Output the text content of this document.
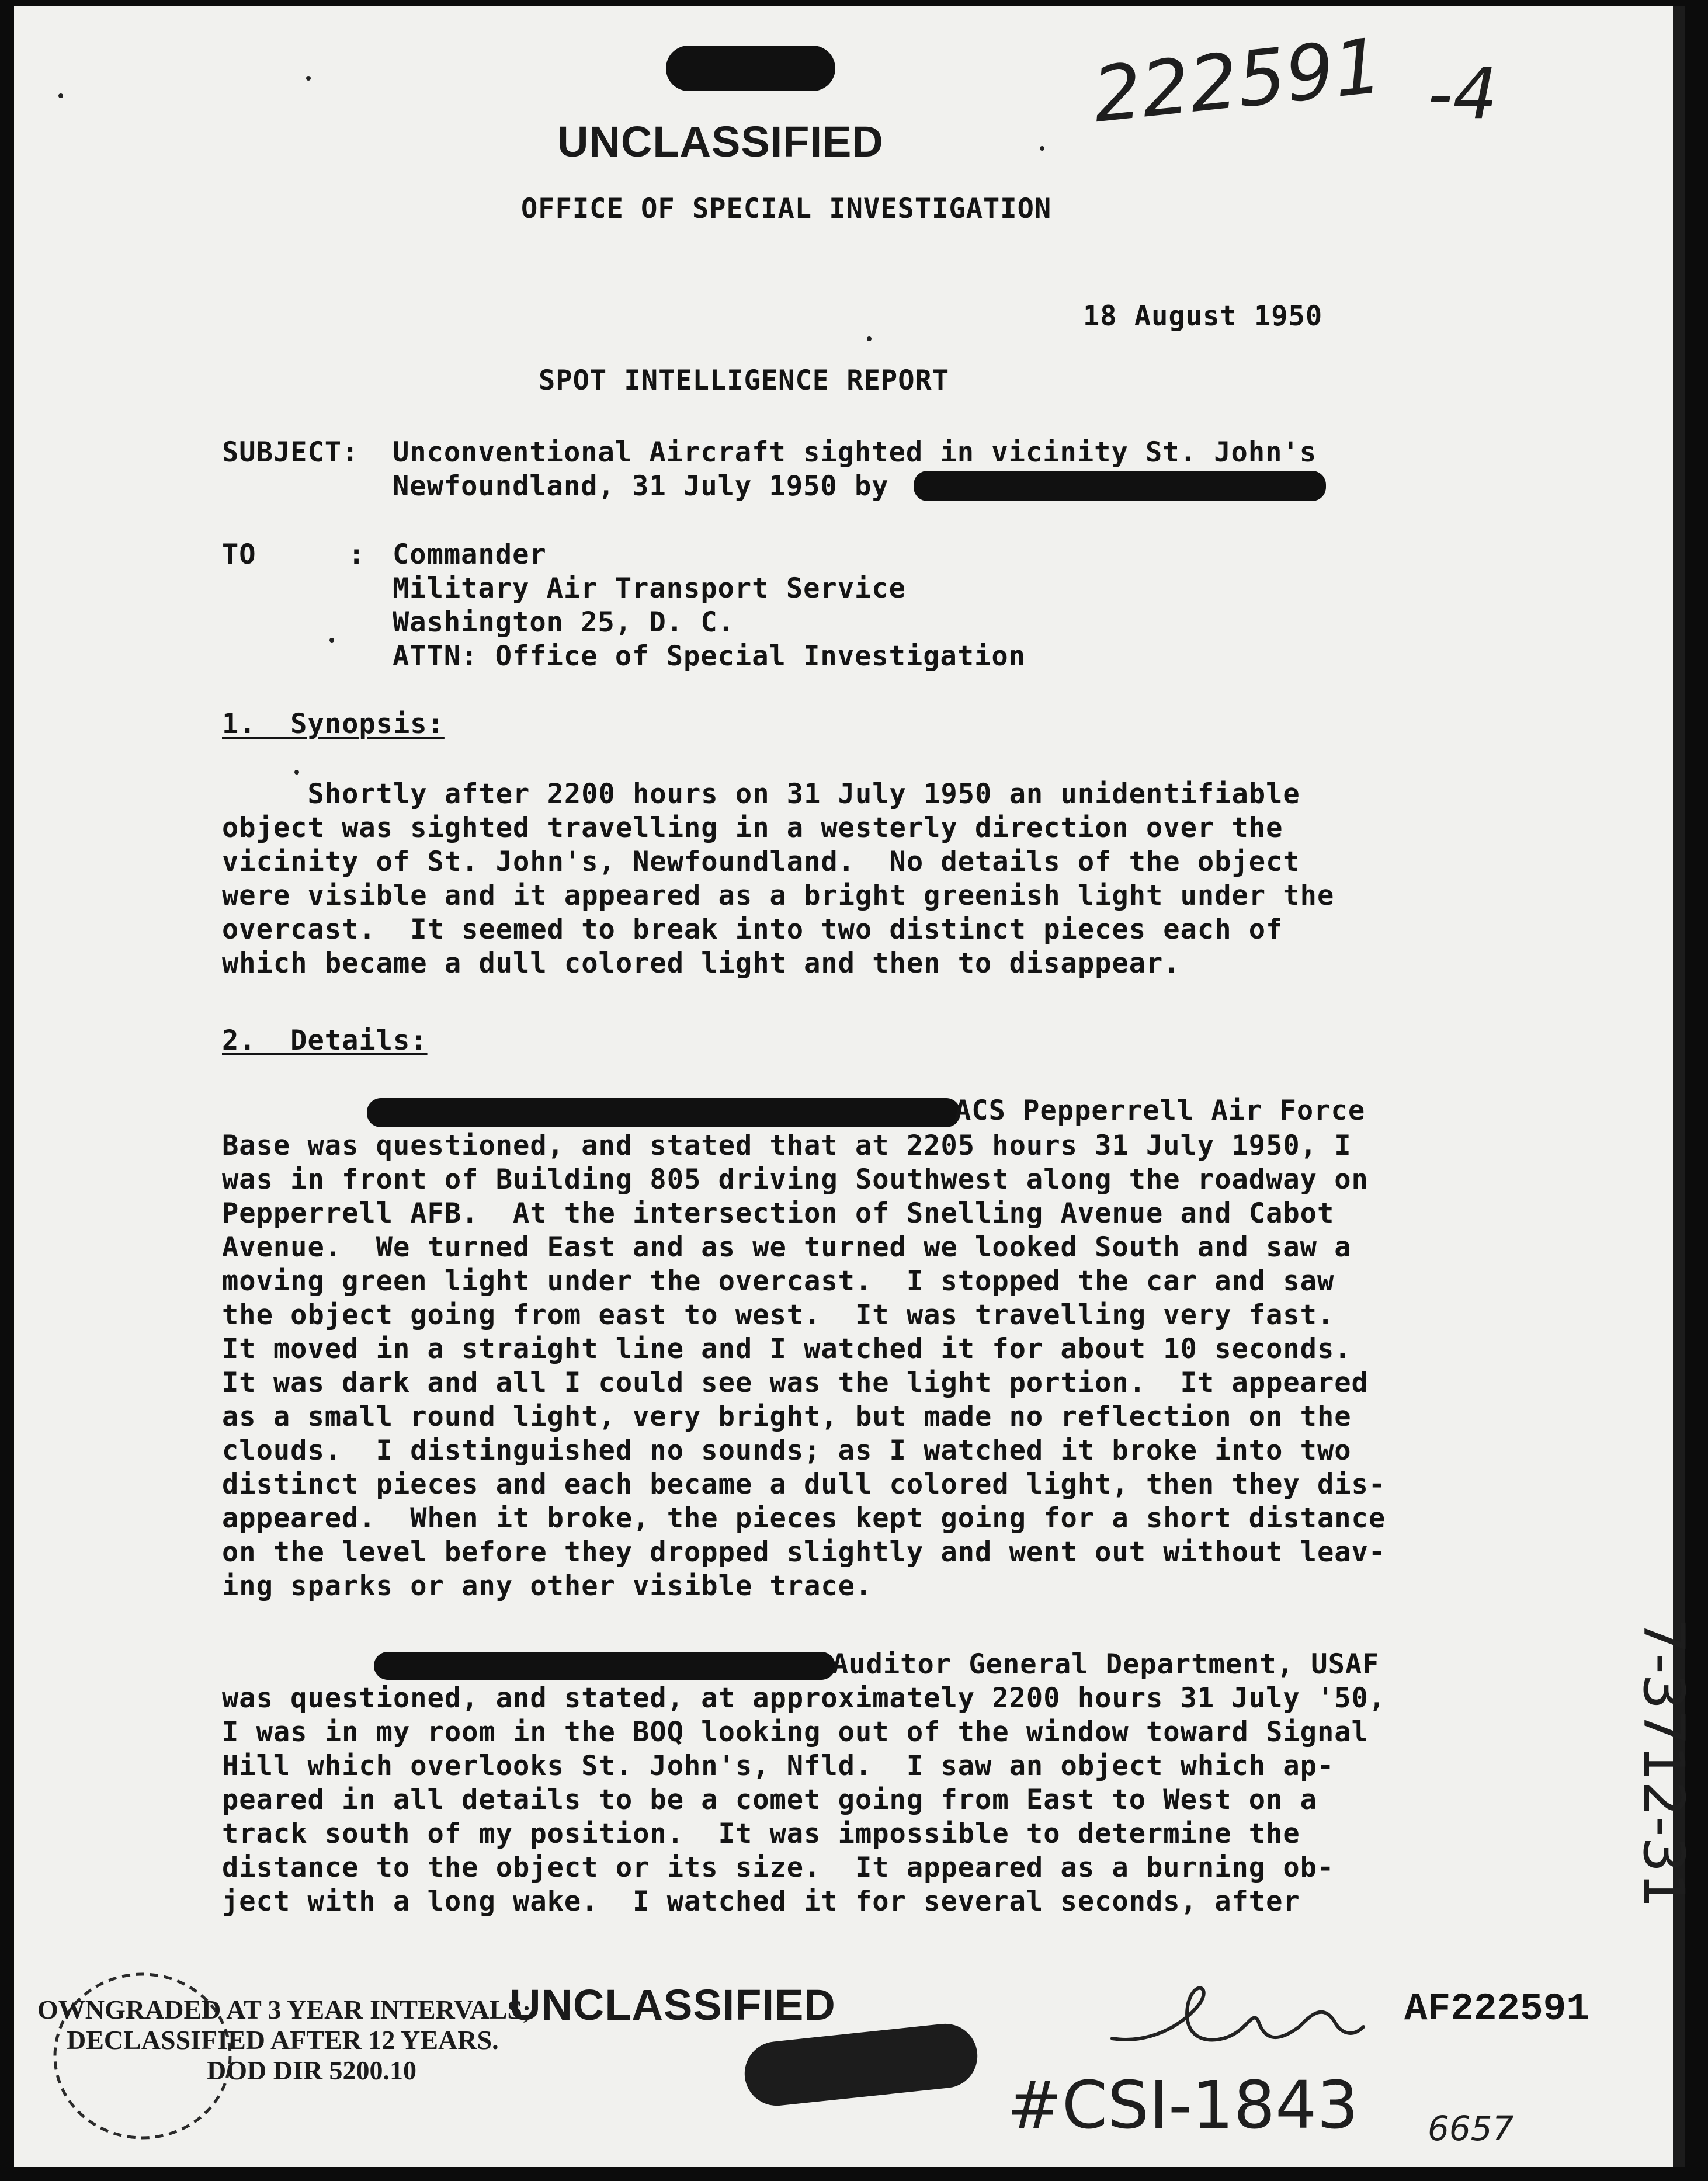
222591 -4
UNCLASSIFIED
OFFICE OF SPECIAL INVESTIGATION
18 August 1950
SPOT INTELLIGENCE REPORT
SUBJECT: Unconventional Aircraft sighted in vicinity St. John's
Newfoundland, 31 July 1950 by
TO	: Commander
Military Air Transport Service
Washington 25, D. C.
ATTN: Office of Special Investigation
1.  Synopsis:
Shortly after 2200 hours on 31 July 1950 an unidentifiable
object was sighted travelling in a westerly direction over the
vicinity of St. John's, Newfoundland.  No details of the object
were visible and it appeared as a bright greenish light under the
overcast.  It seemed to break into two distinct pieces each of
which became a dull colored light and then to disappear.
2.  Details:
ACS Pepperrell Air Force
Base was questioned, and stated that at 2205 hours 31 July 1950, I
was in front of Building 805 driving Southwest along the roadway on
Pepperrell AFB.  At the intersection of Snelling Avenue and Cabot
Avenue.  We turned East and as we turned we looked South and saw a
moving green light under the overcast.  I stopped the car and saw
the object going from east to west.  It was travelling very fast.
It moved in a straight line and I watched it for about 10 seconds.
It was dark and all I could see was the light portion.  It appeared
as a small round light, very bright, but made no reflection on the
clouds.  I distinguished no sounds; as I watched it broke into two
distinct pieces and each became a dull colored light, then they dis-
appeared.  When it broke, the pieces kept going for a short distance
on the level before they dropped slightly and went out without leav-
ing sparks or any other visible trace.
Auditor General Department, USAF
was questioned, and stated, at approximately 2200 hours 31 July '50,
I was in my room in the BOQ looking out of the window toward Signal
Hill which overlooks St. John's, Nfld.  I saw an object which ap-
peared in all details to be a comet going from East to West on a
track south of my position.  It was impossible to determine the
distance to the object or its size.  It appeared as a burning ob-
ject with a long wake.  I watched it for several seconds, after	7-3712-31
OWNGRADED AT 3 YEAR INTERVALS;
DECLASSIFIED AFTER 12 YEARS.
DOD DIR 5200.10
UNCLASSIFIED	AF222591
#CSI-1843 6657
